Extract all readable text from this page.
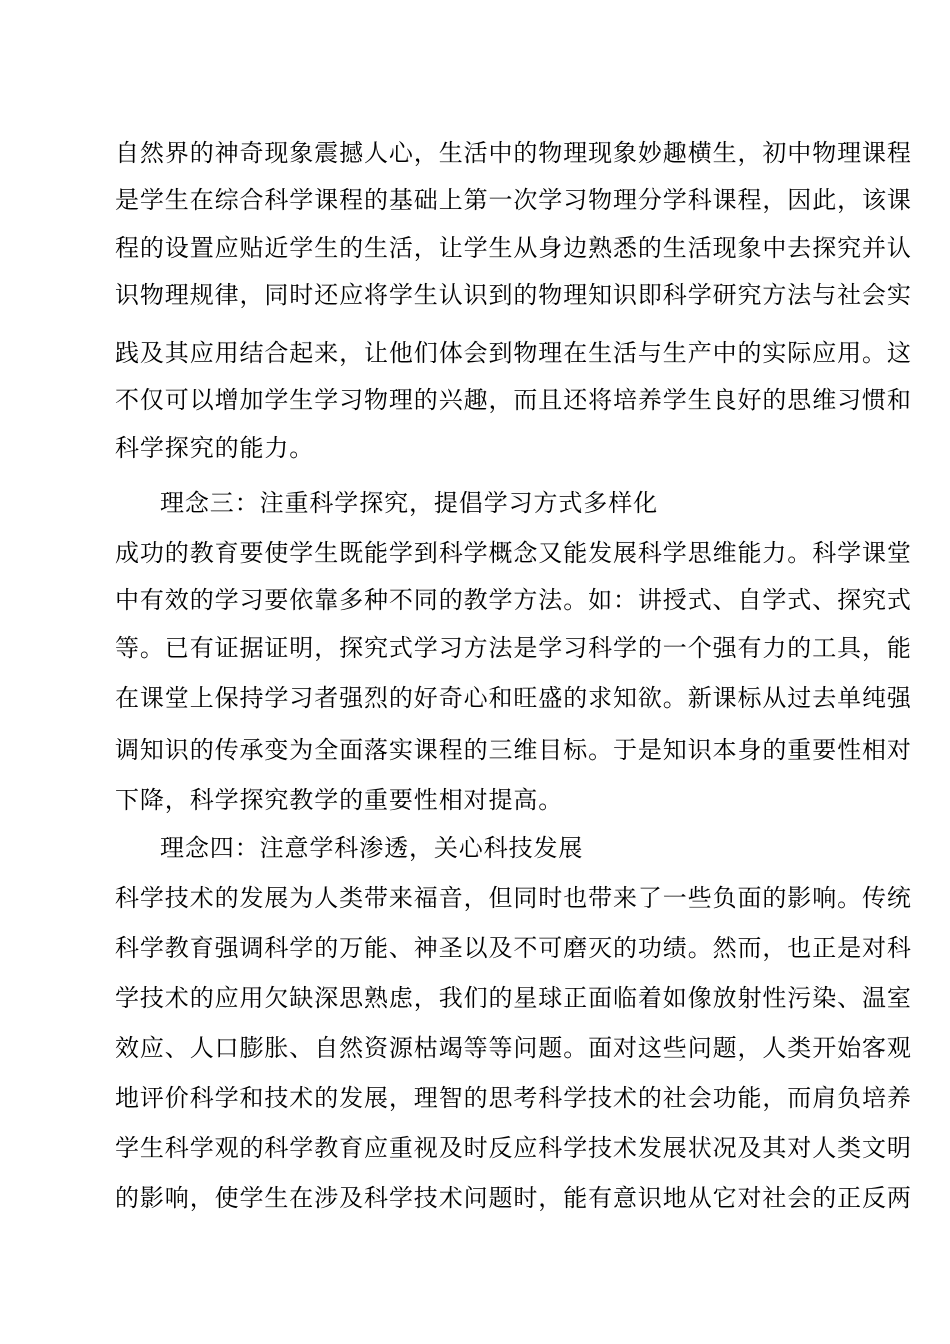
自然界的神奇现象震撼人心，生活中的物理现象妙趣横生，初中物理课程
是学生在综合科学课程的基础上第一次学习物理分学科课程，因此，该课
程的设置应贴近学生的生活，让学生从身边熟悉的生活现象中去探究并认
识物理规律，同时还应将学生认识到的物理知识即科学研究方法与社会实
践及其应用结合起来，让他们体会到物理在生活与生产中的实际应用。这
不仅可以增加学生学习物理的兴趣，而且还将培养学生良好的思维习惯和
科学探究的能力。
理念三：注重科学探究，提倡学习方式多样化
成功的教育要使学生既能学到科学概念又能发展科学思维能力。科学课堂
中有效的学习要依靠多种不同的教学方法。如：讲授式、自学式、探究式
等。已有证据证明，探究式学习方法是学习科学的一个强有力的工具，能
在课堂上保持学习者强烈的好奇心和旺盛的求知欲。新课标从过去单纯强
调知识的传承变为全面落实课程的三维目标。于是知识本身的重要性相对
下降，科学探究教学的重要性相对提高。
理念四：注意学科渗透，关心科技发展
科学技术的发展为人类带来福音，但同时也带来了一些负面的影响。传统
科学教育强调科学的万能、神圣以及不可磨灭的功绩。然而，也正是对科
学技术的应用欠缺深思熟虑，我们的星球正面临着如像放射性污染、温室
效应、人口膨胀、自然资源枯竭等等问题。面对这些问题，人类开始客观
地评价科学和技术的发展，理智的思考科学技术的社会功能，而肩负培养
学生科学观的科学教育应重视及时反应科学技术发展状况及其对人类文明
的影响，使学生在涉及科学技术问题时，能有意识地从它对社会的正反两
